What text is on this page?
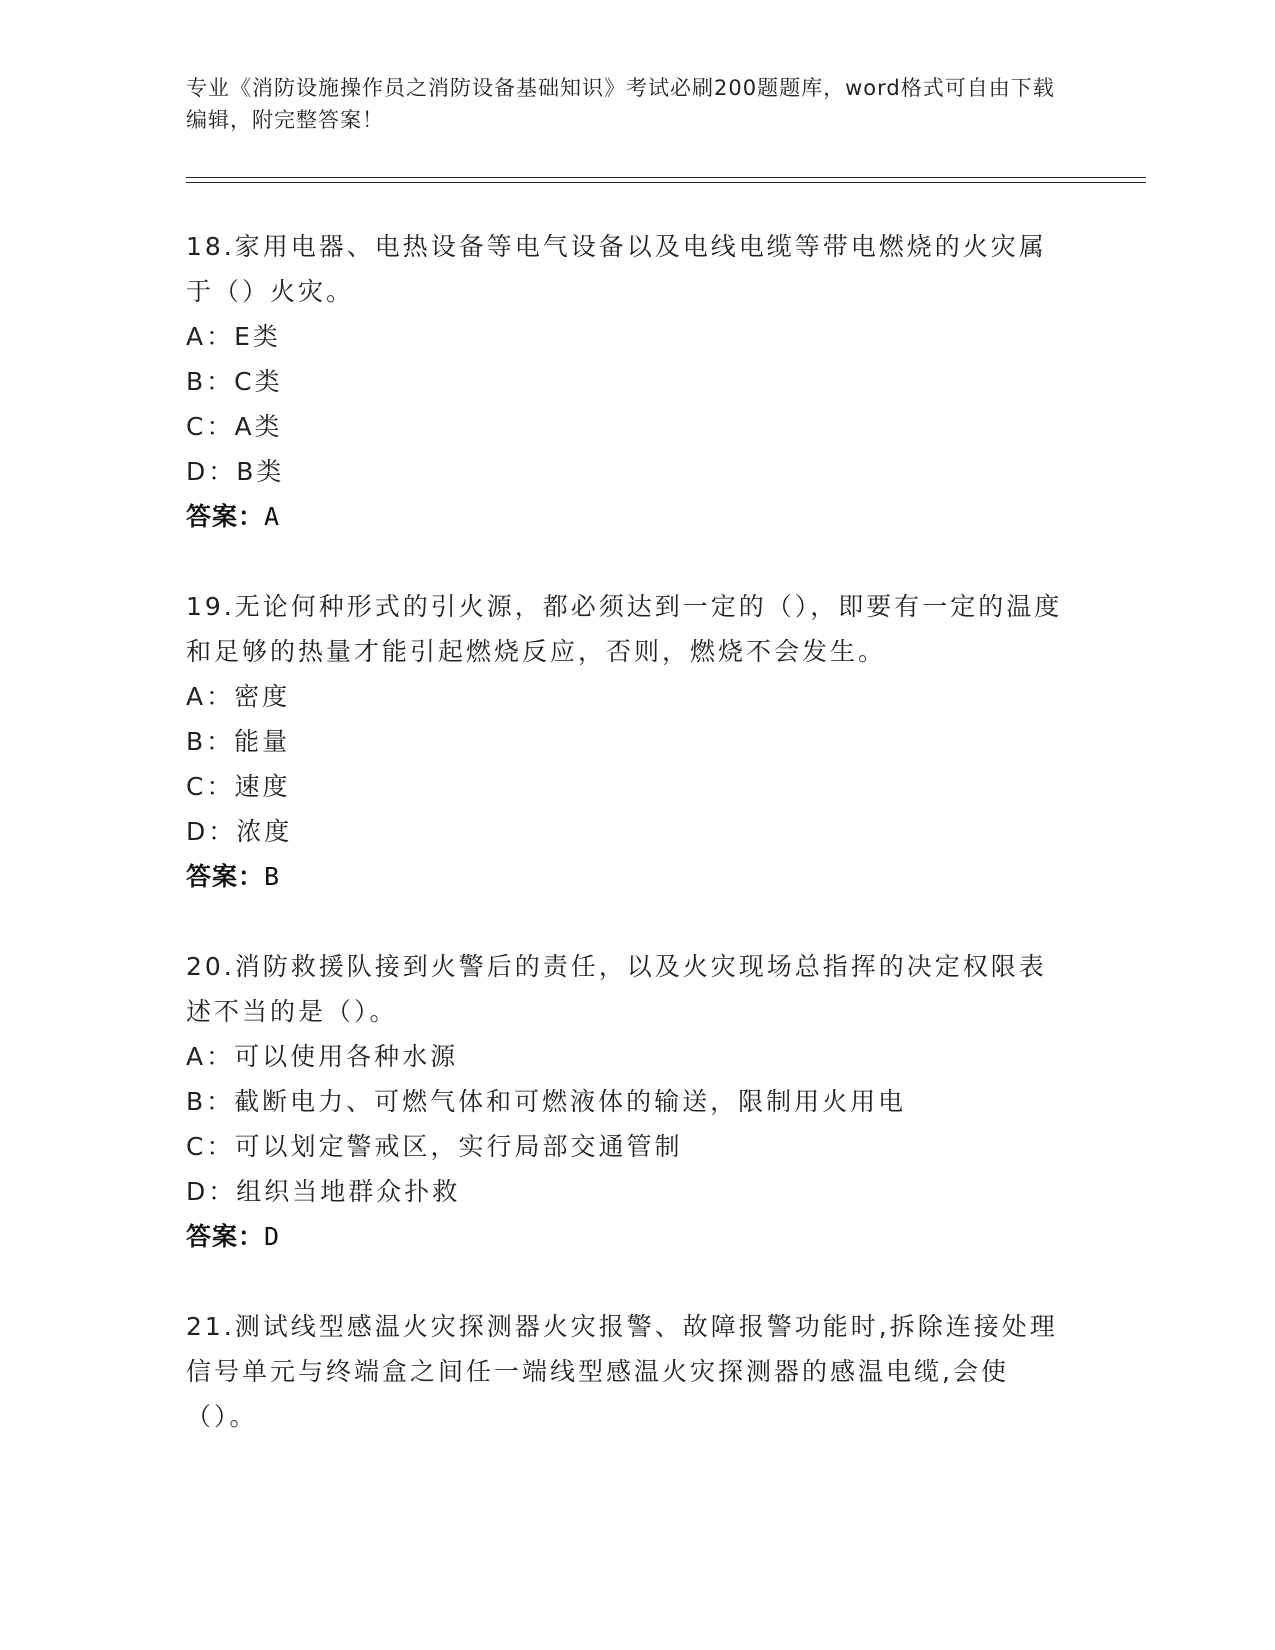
专业《消防设施操作员之消防设备基础知识》考试必刷200题题库，word格式可自由下载编辑，附完整答案！
18.家用电器、电热设备等电气设备以及电线电缆等带电燃烧的火灾属于（）火灾。
A：E类
B：C类
C：A类
D：B类
答案：A
19.无论何种形式的引火源，都必须达到一定的（），即要有一定的温度和足够的热量才能引起燃烧反应，否则，燃烧不会发生。
A：密度
B：能量
C：速度
D：浓度
答案：B
20.消防救援队接到火警后的责任，以及火灾现场总指挥的决定权限表述不当的是（）。
A：可以使用各种水源
B：截断电力、可燃气体和可燃液体的输送，限制用火用电
C：可以划定警戒区，实行局部交通管制
D：组织当地群众扑救
答案：D
21.测试线型感温火灾探测器火灾报警、故障报警功能时,拆除连接处理信号单元与终端盒之间任一端线型感温火灾探测器的感温电缆,会使（）。
